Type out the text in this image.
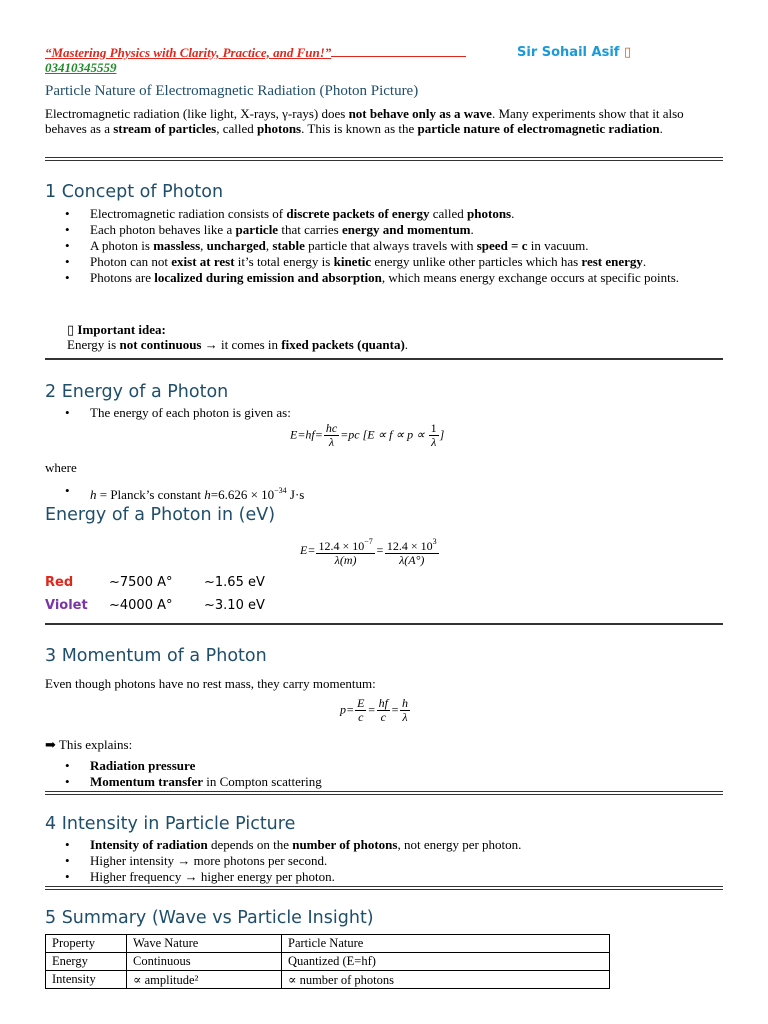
“Mastering Physics with Clarity, Practice, and Fun!”	Sir Sohail Asif ▯
03410345559
Particle Nature of Electromagnetic Radiation (Photon Picture)
Electromagnetic radiation (like light, X-rays, γ-rays) does not behave only as a wave. Many experiments show that it also behaves as a stream of particles, called photons. This is known as the particle nature of electromagnetic radiation.
1 Concept of Photon
• Electromagnetic radiation consists of discrete packets of energy called photons.
• Each photon behaves like a particle that carries energy and momentum.
• A photon is massless, uncharged, stable particle that always travels with speed = c in vacuum.
• Photon can not exist at rest it’s total energy is kinetic energy unlike other particles which has rest energy.
• Photons are localized during emission and absorption, which means energy exchange occurs at specific points.
▯ Important idea:
Energy is not continuous → it comes in fixed packets (quanta).
2 Energy of a Photon
• The energy of each photon is given as:
$E=hf= \frac{hc}{\lambda} =pc$ [$E \propto f \propto p \propto \frac{1}{\lambda}$ ]
where
• h = Planck’s constant $h=6.626 \times 10^{-34}$ J·s
Energy of a Photon in (eV)
$E= \frac{12.4 \times 10^{-7}}{\lambda(m)} = \frac{12.4 \times 10^3}{\lambda(A^\circ)}$
Red	~7500 A° ~1.65 eV
Violet ~4000 A° ~3.10 eV
3 Momentum of a Photon
Even though photons have no rest mass, they carry momentum:
$p= \frac{E}{c} = \frac{hf}{c} = \frac{h}{\lambda}$
➡ This explains:
• Radiation pressure
• Momentum transfer in Compton scattering
4 Intensity in Particle Picture
• Intensity of radiation depends on the number of photons, not energy per photon.
• Higher intensity → more photons per second.
• Higher frequency → higher energy per photon.
5 Summary (Wave vs Particle Insight)
Property	Wave Nature	Particle Nature
Energy	Continuous	Quantized (E=hf)
Intensity	∝ amplitude²	∝ number of photons
